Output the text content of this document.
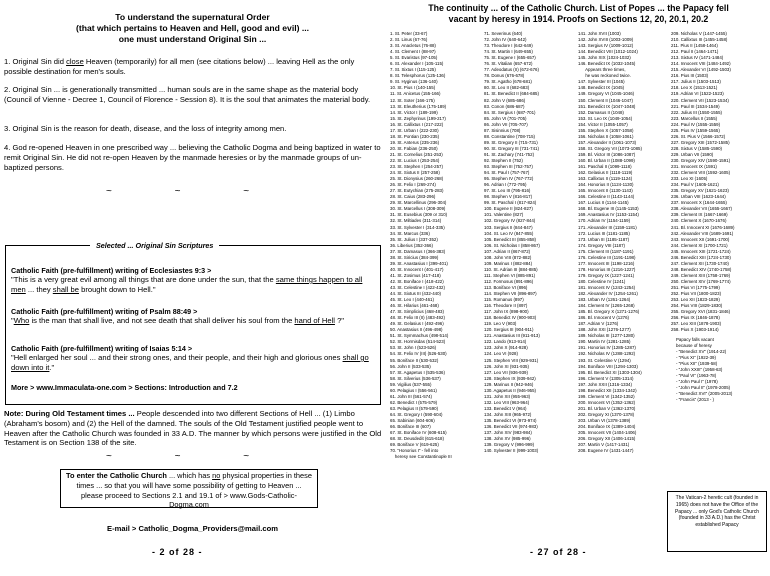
To understand the supernatural Order
(that which pertains to Heaven and Hell, good and evil) ...
one must understand Original Sin ...
1. Original Sin did close Heaven (temporarily) for all men (see citations below) ... leaving Hell as the only possible destination for men's souls.
2. Original Sin ... is generationally transmitted ... human souls are in the same shape as the material body (Council of Vienne - Decree 1, Council of Florence - Session 8). It is the soul that animates the material body.
3. Original Sin is the reason for death, disease, and the loss of integrity among men.
4. God re-opened Heaven in one prescribed way ... believing the Catholic Dogma and being baptized in water to remit Original Sin. He did not re-open Heaven by the manmade heresies or by the manmade groups of un-baptized persons.
~ ~ ~
Catholic Faith (pre-fulfillment) writing of Ecclesiastes 9:3 >
"This is a very great evil among all things that are done under the sun, that the same things happen to all men ... they shall be brought down to Hell."
Catholic Faith (pre-fulfillment) writing of Psalm 88:49 >
"Who is the man that shall live, and not see death that shall deliver his soul from the hand of Hell ?"
Catholic Faith (pre-fulfillment) writing of Isaias 5:14 >
"Hell enlarged her soul ... and their strong ones, and their people, and their high and glorious ones shall go down into it."
More > www.Immaculata-one.com > Sections: Introduction and 7.2
Selected ... Original Sin Scriptures
Note: During Old Testament times ... People descended into two different Sections of Hell ... (1) Limbo (Abraham's bosom) and (2) the Hell of the damned. The souls of the Old Testament justified people went to Heaven after the Catholic Church was founded in 33 A.D. The manner by which persons were justified in the Old Testament is on Section 138 of the site.
~ ~ ~
To enter the Catholic Church ... which has no physical properties in these times ... so that you will have some possibility of getting to Heaven ... please proceed to Sections 2.1 and 19.1 of > www.Gods-Catholic-Dogma.com
E-mail > Catholic_Dogma_Providers@mail.com
- 2 of 28 -
The continuity ... of the Catholic Church. List of Popes ... the Papacy fell
vacant by heresy in 1914. Proofs on Sections 12, 20, 20.1, 20.2
1. St. Peter (33-67)
2. St. Linus (67-76)
3. St. Anacletus (76-88)
4. St. Clement I (88-97)
5. St. Evaristus (97-105)
6. St. Alexander I (105-115)
7. St. Sixtus I (115-125)
8. St. Telesphorus (125-136)
9. St. Hyginus (136-140)
10. St. Pius I (140-155)
11. St. Anicetus (155-166)
12. St. Soter (166-175)
13. St. Eleutherius (175-189)
14. St. Victor I (189-199)
15. St. Zephyrinus (199-217)
16. St. Callixtus I (217-222)
17. St. Urban I (222-230)
18. St. Pontian (230-235)
19. St. Anterus (235-236)
20. St. Fabian (236-250)
21. St. Cornelius (251-253)
22. St. Lucius I (253-254)
23. St. Stephen I (254-257)
24. St. Sixtus II (257-258)
25. St. Dionysius (260-268)
26. St. Felix I (269-274)
27. St. Eutychian (275-283)
28. St. Caius (283-296)
29. St. Marcellinus (296-304)
30. St. Marcellus I (308-309)
31. St. Eusebius (309 or 310)
32. St. Miltiades (311-314)
33. St. Sylvester I (314-335)
34. St. Marcus (336)
35. St. Julius I (337-352)
36. Liberius (352-366)
37. St. Damasus I (366-383)
38. St. Siricius (384-399)
39. St. Anastasius I (399-401)
40. St. Innocent I (401-417)
41. St. Zosimus (417-418)
42. St. Boniface I (418-422)
43. St. Celestine I (422-432)
44. St. Sixtus III (432-440)
45. St. Leo I (440-461)
46. St. Hilarius (461-468)
47. St. Simplicius (468-483)
48. St. Felix III (II) (483-492)
49. St. Gelasius I (492-496)
50. Anastasius II (496-498)
51. St. Symmachus (498-514)
52. St. Hormisdas (514-523)
53. St. John I (523-526)
54. St. Felix IV (III) (526-530)
55. Boniface II (530-532)
56. John II (533-535)
57. St. Agapetus I (535-536)
58. St. Silverius (536-537)
59. Vigilius (537-555)
60. Pelagius I (556-561)
61. John III (561-574)
62. Benedict I (575-579)
63. Pelagius II (579-590)
64. St. Gregory I (590-604)
65. Sabinian (604-606)
66. Boniface III (607)
67. St. Boniface IV (608-615)
68. St. Deusdedit (615-618)
69. Boniface V (619-625)
70. "Honorius I" - fell into
heresy see Constantinople III
71. Severinus (640)
72. John IV (640-642)
73. Theodore I (642-649)
74. St. Martin I (649-655)
75. St. Eugene I (655-657)
76. St. Vitalian (657-672)
77. Adeodatus (II) (672-676)
78. Donus (676-678)
79. St. Agatho (678-681)
80. St. Leo II (682-683)
81. St. Benedict II (684-685)
82. John V (685-686)
83. Conon (686-687)
84. St. Sergius I (687-701)
85. John VI (701-705)
86. John VII (705-707)
87. Sisinnius (708)
88. Constantine (708-715)
89. St. Gregory II (715-731)
90. St. Gregory III (731-741)
91. St. Zachary (741-752)
92. Stephen II (752)
93. Stephen III (752-757)
94. St. Paul I (757-767)
95. Stephen IV (767-772)
96. Adrian I (772-795)
97. St. Leo III (795-816)
98. Stephen V (816-817)
99. St. Paschal I (817-824)
100. Eugene II (824-827)
101. Valentine (827)
102. Gregory IV (827-844)
103. Sergius II (844-847)
104. St. Leo IV (847-855)
105. Benedict III (855-858)
106. St. Nicholas I (858-867)
107. Adrian II (867-872)
108. John VIII (872-882)
109. Marinus I (882-884)
110. St. Adrian III (884-885)
111. Stephen VI (885-891)
112. Formosus (891-896)
113. Boniface VI (896)
114. Stephen VII (896-897)
115. Romanus (897)
116. Theodore II (897)
117. John IX (898-900)
118. Benedict IV (900-903)
119. Leo V (903)
120. Sergius III (904-911)
121. Anastasius III (911-913)
122. Lando (913-914)
123. John X (914-928)
124. Leo VI (928)
125. Stephen VIII (929-931)
126. John XI (931-935)
127. Leo VII (936-939)
128. Stephen IX (939-942)
129. Marinus II (942-946)
130. Agapetus II (946-955)
131. John XII (955-963)
132. Leo VIII (963-964)
133. Benedict V (964)
134. John XIII (965-972)
135. Benedict VI (973-974)
136. Benedict VII (974-983)
137. John XIV (983-984)
138. John XV (985-996)
139. Gregory V (996-999)
140. Sylvester II (999-1003)
141. John XVII (1003)
142. John XVIII (1003-1009)
143. Sergius IV (1009-1012)
144. Benedict VIII (1012-1024)
145. John XIX (1024-1032)
146. Benedict IX (1032-1045)
Appears three times,
he was reckoned twice.
147. Sylvester III (1045)
148. Benedict IX (1045)
149. Gregory VI (1045-1046)
150. Clement II (1046-1047)
151. Benedict IX (1047-1048)
152. Damasus II (1048)
153. St. Leo IX (1049-1054)
154. Victor II (1055-1057)
155. Stephen X (1057-1058)
156. Nicholas II (1058-1061)
157. Alexander II (1061-1073)
158. St. Gregory VII (1073-1085)
159. Bl. Victor III (1086-1087)
160. Bl. Urban II (1088-1099)
161. Paschal II (1099-1118)
162. Gelasius II (1118-1119)
163. Callixtus II (1119-1124)
164. Honorius II (1124-1130)
165. Innocent II (1130-1143)
166. Celestine II (1143-1144)
167. Lucius II (1144-1145)
168. Bl. Eugene III (1145-1153)
169. Anastasius IV (1153-1154)
170. Adrian IV (1154-1159)
171. Alexander III (1159-1181)
172. Lucius III (1181-1185)
173. Urban III (1185-1187)
174. Gregory VIII (1187)
175. Clement III (1187-1191)
176. Celestine III (1191-1198)
177. Innocent III (1198-1216)
178. Honorius III (1216-1227)
179. Gregory IX (1227-1241)
180. Celestine IV (1241)
181. Innocent IV (1243-1254)
182. Alexander IV (1254-1261)
183. Urban IV (1261-1264)
184. Clement IV (1265-1268)
185. Bl. Gregory X (1271-1276)
186. Bl. Innocent V (1276)
187. Adrian V (1276)
188. John XXI (1276-1277)
189. Nicholas III (1277-1280)
190. Martin IV (1281-1285)
191. Honorius IV (1285-1287)
192. Nicholas IV (1288-1292)
193. St. Celestine V (1294)
194. Boniface VIII (1294-1303)
195. Bl. Benedict XI (1303-1304)
196. Clement V (1305-1314)
197. John XXII (1316-1334)
198. Benedict XII (1334-1342)
199. Clement VI (1342-1352)
200. Innocent VI (1352-1362)
201. Bl. Urban V (1362-1370)
202. Gregory XI (1370-1378)
203. Urban VI (1378-1389)
204. Boniface IX (1389-1404)
205. Innocent VII (1404-1406)
206. Gregory XII (1406-1415)
207. Martin V (1417-1431)
208. Eugene IV (1431-1447)
209. Nicholas V (1447-1455)
210. Callixtus III (1455-1458)
211. Pius II (1458-1464)
212. Paul II (1464-1471)
213. Sixtus IV (1471-1484)
214. Innocent VIII (1484-1492)
215. Alexander VI (1492-1503)
216. Pius III (1503)
217. Julius II (1503-1513)
218. Leo X (1513-1521)
219. Adrian VI (1522-1523)
220. Clement VII (1523-1534)
221. Paul III (1534-1549)
222. Julius III (1550-1555)
223. Marcellus II (1555)
224. Paul IV (1555-1559)
225. Pius IV (1559-1565)
226. St. Pius V (1566-1572)
227. Gregory XIII (1572-1585)
228. Sixtus V (1585-1590)
229. Urban VII (1590)
230. Gregory XIV (1590-1591)
231. Innocent IX (1591)
232. Clement VIII (1592-1605)
233. Leo XI (1605)
234. Paul V (1605-1621)
235. Gregory XV (1621-1623)
236. Urban VIII (1623-1644)
237. Innocent X (1644-1655)
238. Alexander VII (1655-1667)
239. Clement IX (1667-1669)
240. Clement X (1670-1676)
241. Bl. Innocent XI (1676-1689)
242. Alexander VIII (1689-1691)
243. Innocent XII (1691-1700)
244. Clement XI (1700-1721)
245. Innocent XIII (1721-1724)
246. Benedict XIII (1724-1730)
247. Clement XII (1730-1740)
248. Benedict XIV (1740-1758)
249. Clement XIII (1758-1769)
250. Clement XIV (1769-1774)
251. Pius VI (1775-1799)
252. Pius VII (1800-1823)
253. Leo XII (1823-1829)
254. Pius VIII (1829-1830)
255. Gregory XVI (1831-1846)
256. Pius IX (1846-1878)
257. Leo XIII (1878-1903)
258. Pius X (1903-1914)
Papacy falls vacant
because of heresy
- "Benedict XV" (1914-22)
- "Pius XI" (1922-39)
- "Pius XII" (1939-58)
- "John XXIII" (1958-63)
- "Paul VI" (1963-78)
- "John Paul I" (1978)
- "John Paul II" (1978-2005)
- "Benedict XVI" (2005-2013)
- "Francis" (2013 - )
The Vatican-2 heretic cult (founded in 1965) does not have the Office of the Papacy ... only God's Catholic Church (founded in 33 A.D.) has the Christ established Papacy
- 27 of 28 -
